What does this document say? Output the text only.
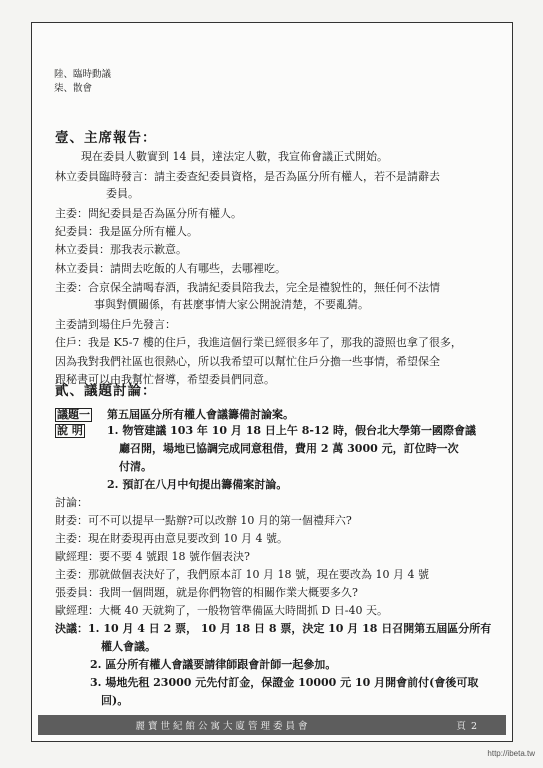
陸、臨時動議
柒、散會
壹、主席報告：
現在委員人數實到 14 員，達法定人數，我宣佈會議正式開始。
林立委員臨時發言：請主委查紀委員資格，是否為區分所有權人，若不是請辭去
委員。
主委：問紀委員是否為區分所有權人。
紀委員：我是區分所有權人。
林立委員：那我表示歉意。
林立委員：請問去吃飯的人有哪些，去哪裡吃。
主委：合京保全請喝春酒，我請紀委員陪我去，完全是禮貌性的，無任何不法情
事與對價關係，有甚麼事情大家公開說清楚，不要亂猜。
主委請到場住戶先發言：
住戶：我是 K5-7 樓的住戶，我進這個行業已經很多年了，那我的證照也拿了很多，
因為我對我們社區也很熱心，所以我希望可以幫忙住戶分擔一些事情，希望保全
跟秘書可以由我幫忙督導，希望委員們同意。
貳、議題討論：
議題一 第五屆區分所有權人會議籌備討論案。
說 明 1. 物管建議 103 年 10 月 18 日上午 8-12 時，假台北大學第一國際會議
廳召開，場地已協調完成同意租借，費用 2 萬 3000 元，訂位時一次
付清。
2. 預訂在八月中旬提出籌備案討論。
討論：
財委：可不可以提早一點辦?可以改辦 10 月的第一個禮拜六?
主委：現在財委現再由意見要改到 10 月 4 號。
歐經理：要不要 4 號跟 18 號作個表決?
主委：那就做個表決好了，我們原本訂 10 月 18 號，現在要改為 10 月 4 號
張委員：我問一個問題，就是你們物管的相關作業大概要多久?
歐經理：大概 40 天就夠了，一般物管準備區大時間抓 D 日-40 天。
決議：1. 10 月 4 日 2 票， 10 月 18 日 8 票，決定 10 月 18 日召開第五屆區分所有
權人會議。
2. 區分所有權人會議要請律師跟會計師一起參加。
3. 場地先租 23000 元先付訂金，保證金 10000 元 10 月開會前付(會後可取
回)。
麗寶世紀館公寓大廈管理委員會	頁 2
http://ibeta.tw
